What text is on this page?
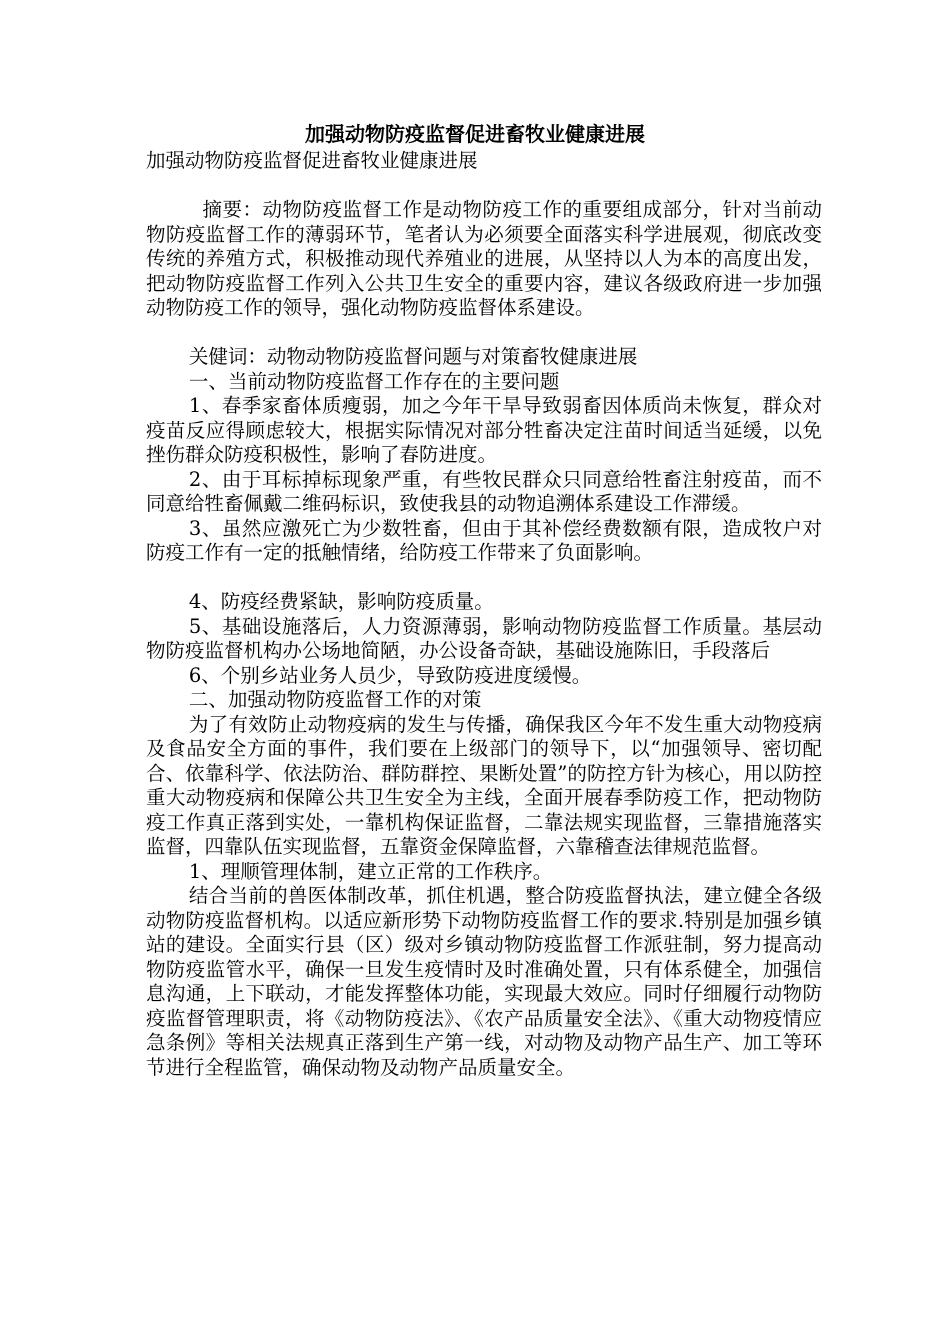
加强动物防疫监督促进畜牧业健康进展

加强动物防疫监督促进畜牧业健康进展

摘要：动物防疫监督工作是动物防疫工作的重要组成部分，针对当前动物防疫监督工作的薄弱环节，笔者认为必须要全面落实科学进展观，彻底改变传统的养殖方式，积极推动现代养殖业的进展，从坚持以人为本的高度出发，把动物防疫监督工作列入公共卫生安全的重要内容，建议各级政府进一步加强动物防疫工作的领导，强化动物防疫监督体系建设。

关健词：动物动物防疫监督问题与对策畜牧健康进展

一、当前动物防疫监督工作存在的主要问题

1、春季家畜体质瘦弱，加之今年干旱导致弱畜因体质尚未恢复，群众对疫苗反应得顾虑较大，根据实际情况对部分牲畜决定注苗时间适当延缓，以免挫伤群众防疫积极性，影响了春防进度。

2、由于耳标掉标现象严重，有些牧民群众只同意给牲畜注射疫苗，而不同意给牲畜佩戴二维码标识，致使我县的动物追溯体系建设工作滞缓。

3、虽然应激死亡为少数牲畜，但由于其补偿经费数额有限，造成牧户对防疫工作有一定的抵触情绪，给防疫工作带来了负面影响。

4、防疫经费紧缺，影响防疫质量。

5、基础设施落后，人力资源薄弱，影响动物防疫监督工作质量。基层动物防疫监督机构办公场地简陋，办公设备奇缺，基础设施陈旧，手段落后

6、个别乡站业务人员少，导致防疫进度缓慢。

二、加强动物防疫监督工作的对策

为了有效防止动物疫病的发生与传播，确保我区今年不发生重大动物疫病及食品安全方面的事件，我们要在上级部门的领导下，以“加强领导、密切配合、依靠科学、依法防治、群防群控、果断处置”的防控方针为核心，用以防控重大动物疫病和保障公共卫生安全为主线，全面开展春季防疫工作，把动物防疫工作真正落到实处，一靠机构保证监督，二靠法规实现监督，三靠措施落实监督，四靠队伍实现监督，五靠资金保障监督，六靠稽查法律规范监督。

1、理顺管理体制，建立正常的工作秩序。

结合当前的兽医体制改革，抓住机遇，整合防疫监督执法，建立健全各级动物防疫监督机构。以适应新形势下动物防疫监督工作的要求.特别是加强乡镇站的建设。全面实行县（区）级对乡镇动物防疫监督工作派驻制，努力提高动物防疫监管水平，确保一旦发生疫情时及时准确处置，只有体系健全，加强信息沟通，上下联动，才能发挥整体功能，实现最大效应。同时仔细履行动物防疫监督管理职责，将《动物防疫法》、《农产品质量安全法》、《重大动物疫情应急条例》等相关法规真正落到生产第一线，对动物及动物产品生产、加工等环节进行全程监管，确保动物及动物产品质量安全。
